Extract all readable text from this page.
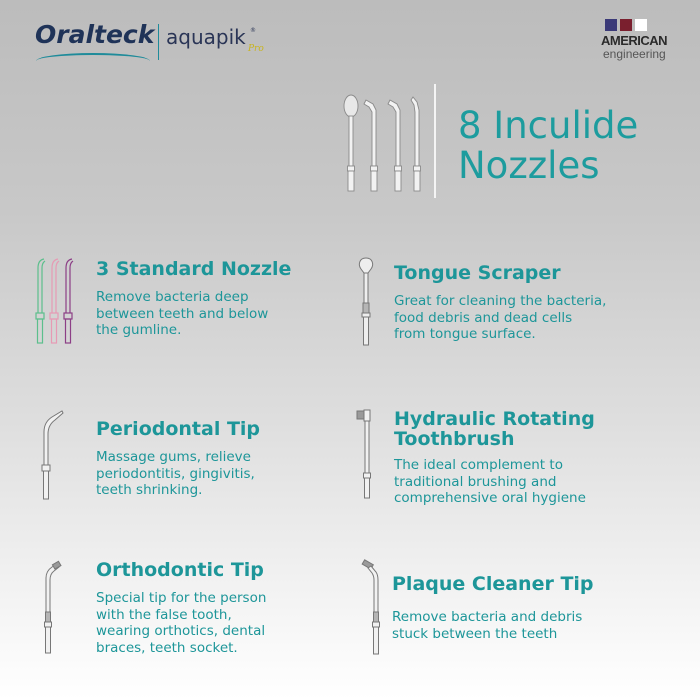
Oralteck aquapik ®
Pro
AMERICAN
engineering
8 Inculide
Nozzles
3 Standard Nozzle
Remove bacteria deep
between teeth and below
the gumline.
Tongue Scraper
Great for cleaning the bacteria,
food debris and dead cells
from tongue surface.
Periodontal Tip
Massage gums, relieve
periodontitis, gingivitis,
teeth shrinking.
Hydraulic Rotating
Toothbrush
The ideal complement to
traditional brushing and
comprehensive oral hygiene
Orthodontic Tip
Special tip for the person
with the false tooth,
wearing orthotics, dental
braces, teeth socket.
Plaque Cleaner Tip
Remove bacteria and debris
stuck between the teeth
